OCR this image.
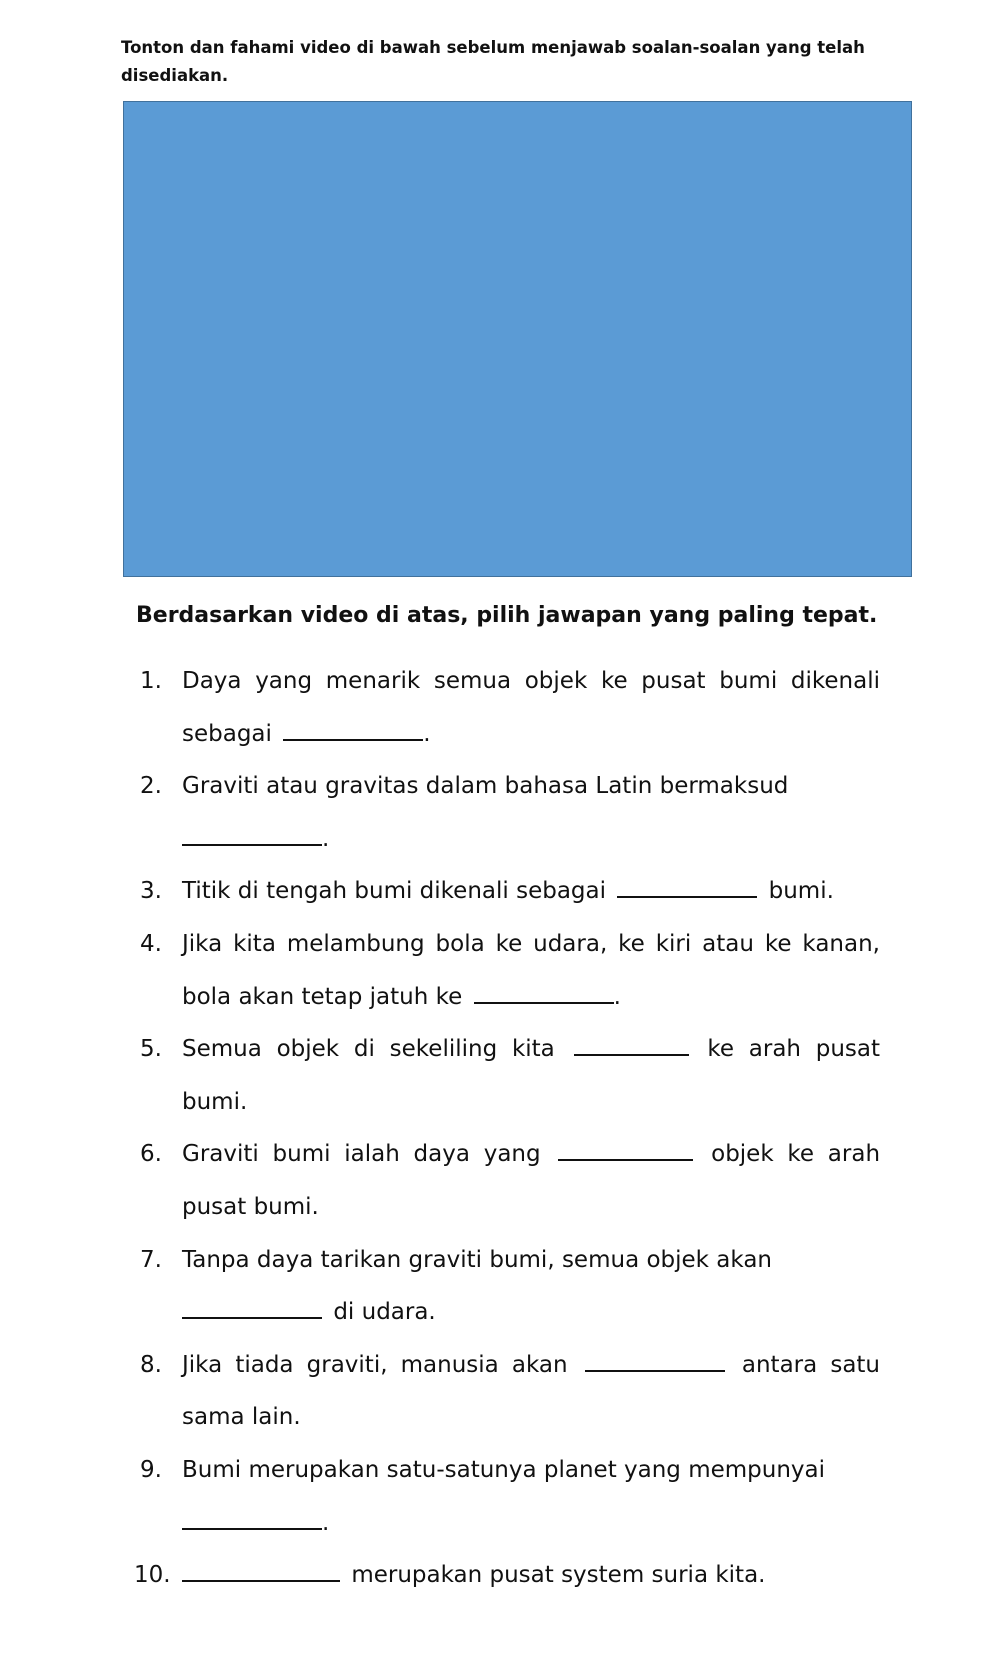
Tonton dan fahami video di bawah sebelum menjawab soalan-soalan yang telah
disediakan.

Berdasarkan video di atas, pilih jawapan yang paling tepat.
1. Daya yang menarik semua objek ke pusat bumi dikenali sebagai	.
2. Graviti atau gravitas dalam bahasa Latin bermaksud
.
3. Titik di tengah bumi dikenali sebagai	bumi.
4. Jika kita melambung bola ke udara, ke kiri atau ke kanan, bola akan tetap jatuh ke	.
5. Semua objek di sekeliling kita	ke arah pusat bumi.
6. Graviti bumi ialah daya yang	objek ke arah pusat bumi.
7. Tanpa daya tarikan graviti bumi, semua objek akan
di udara.
8. Jika tiada graviti, manusia akan	antara satu sama lain.
9. Bumi merupakan satu-satunya planet yang mempunyai
.
10.	merupakan pusat system suria kita.
